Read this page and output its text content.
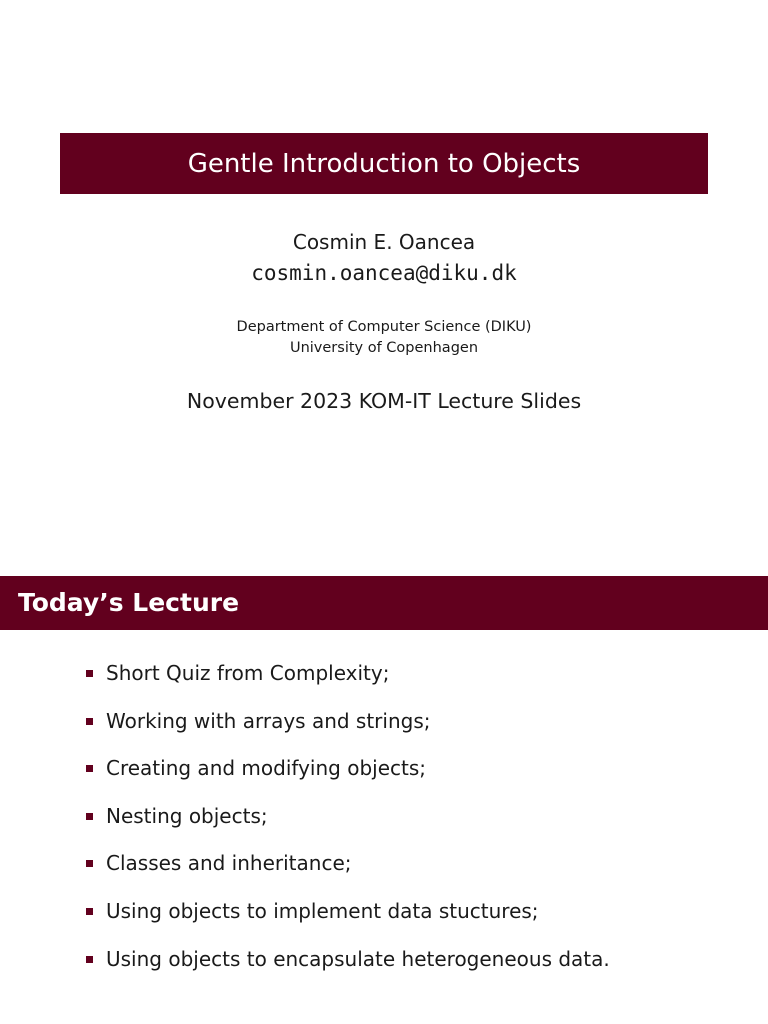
Gentle Introduction to Objects
Cosmin E. Oancea
cosmin.oancea@diku.dk
Department of Computer Science (DIKU)
University of Copenhagen
November 2023 KOM-IT Lecture Slides
Today’s Lecture
Short Quiz from Complexity;
Working with arrays and strings;
Creating and modifying objects;
Nesting objects;
Classes and inheritance;
Using objects to implement data stuctures;
Using objects to encapsulate heterogeneous data.
